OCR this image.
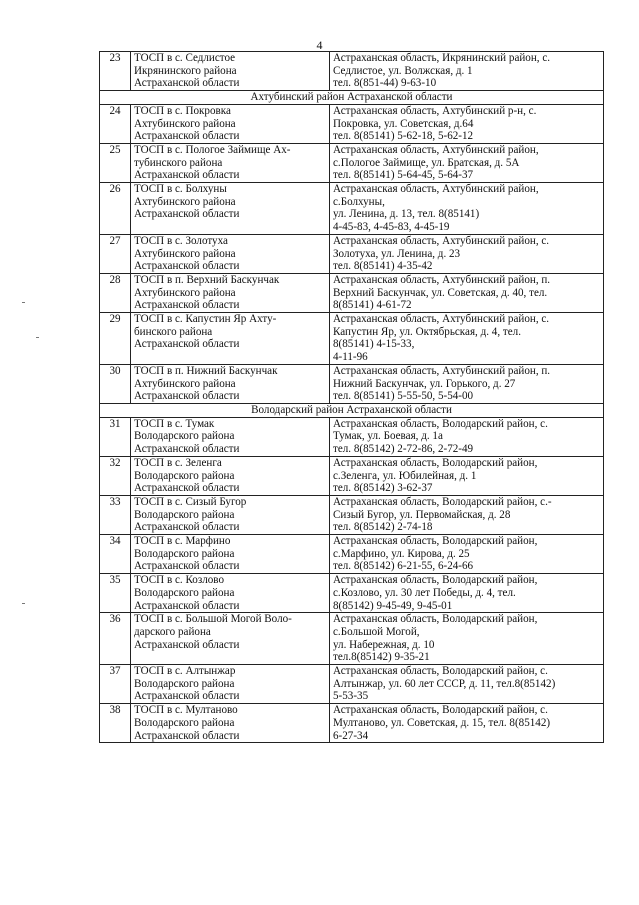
4
23	ТОСП в с. Седлистое
Икрянинского района
Астраханской области	Астраханская область, Икрянинский район, с.
Седлистое, ул. Волжская, д. 1
тел. 8(851-44) 9-63-10
Ахтубинский район Астраханской области		
24	ТОСП в с. Покровка
Ахтубинского района
Астраханской области	Астраханская область, Ахтубинский р-н, с.
Покровка, ул. Советская, д.64
тел. 8(85141) 5-62-18, 5-62-12
25	ТОСП в с. Пологое Займище Ах-
тубинского района
Астраханской области	Астраханская область, Ахтубинский район,
с.Пологое Займище, ул. Братская, д. 5А
тел. 8(85141) 5-64-45, 5-64-37
26	ТОСП в с. Болхуны
Ахтубинского района
Астраханской области	Астраханская область, Ахтубинский район,
с.Болхуны,
ул. Ленина, д. 13, тел. 8(85141)
4-45-83, 4-45-83, 4-45-19
27	ТОСП в с. Золотуха
Ахтубинского района
Астраханской области	Астраханская область, Ахтубинский район, с.
Золотуха, ул. Ленина, д. 23
тел. 8(85141) 4-35-42
28	ТОСП в п. Верхний Баскунчак
Ахтубинского района
Астраханской области	Астраханская область, Ахтубинский район, п.
Верхний Баскунчак, ул. Советская, д. 40, тел.
8(85141) 4-61-72
29	ТОСП в с. Капустин Яр Ахту-
бинского района
Астраханской области	Астраханская область, Ахтубинский район, с.
Капустин Яр, ул. Октябрьская, д. 4, тел.
8(85141) 4-15-33,
4-11-96
30	ТОСП в п. Нижний Баскунчак
Ахтубинского района
Астраханской области	Астраханская область, Ахтубинский район, п.
Нижний Баскунчак, ул. Горького, д. 27
тел. 8(85141) 5-55-50, 5-54-00
Володарский район Астраханской области		
31	ТОСП в с. Тумак
Володарского района
Астраханской области	Астраханская область, Володарский район, с.
Тумак, ул. Боевая, д. 1а
тел. 8(85142) 2-72-86, 2-72-49
32	ТОСП в с. Зеленга
Володарского района
Астраханской области	Астраханская область, Володарский район,
с.Зеленга, ул. Юбилейная, д. 1
тел. 8(85142) 3-62-37
33	ТОСП в с. Сизый Бугор
Володарского района
Астраханской области	Астраханская область, Володарский район, с.-
Сизый Бугор, ул. Первомайская, д. 28
тел. 8(85142) 2-74-18
34	ТОСП в с. Марфино
Володарского района
Астраханской области	Астраханская область, Володарский район,
с.Марфино, ул. Кирова, д. 25
тел. 8(85142) 6-21-55, 6-24-66
35	ТОСП в с. Козлово
Володарского района
Астраханской области	Астраханская область, Володарский район,
с.Козлово, ул. 30 лет Победы, д. 4, тел.
8(85142) 9-45-49, 9-45-01
36	ТОСП в с. Большой Могой Воло-
дарского района
Астраханской области	Астраханская область, Володарский район,
с.Большой Могой,
ул. Набережная, д. 10
тел.8(85142) 9-35-21
37	ТОСП в с. Алтынжар
Володарского района
Астраханской области	Астраханская область, Володарский район, с.
Алтынжар, ул. 60 лет СССР, д. 11, тел.8(85142)
5-53-35
38	ТОСП в с. Мултаново
Володарского района
Астраханской области	Астраханская область, Володарский район, с.
Мултаново, ул. Советская, д. 15, тел. 8(85142)
6-27-34
